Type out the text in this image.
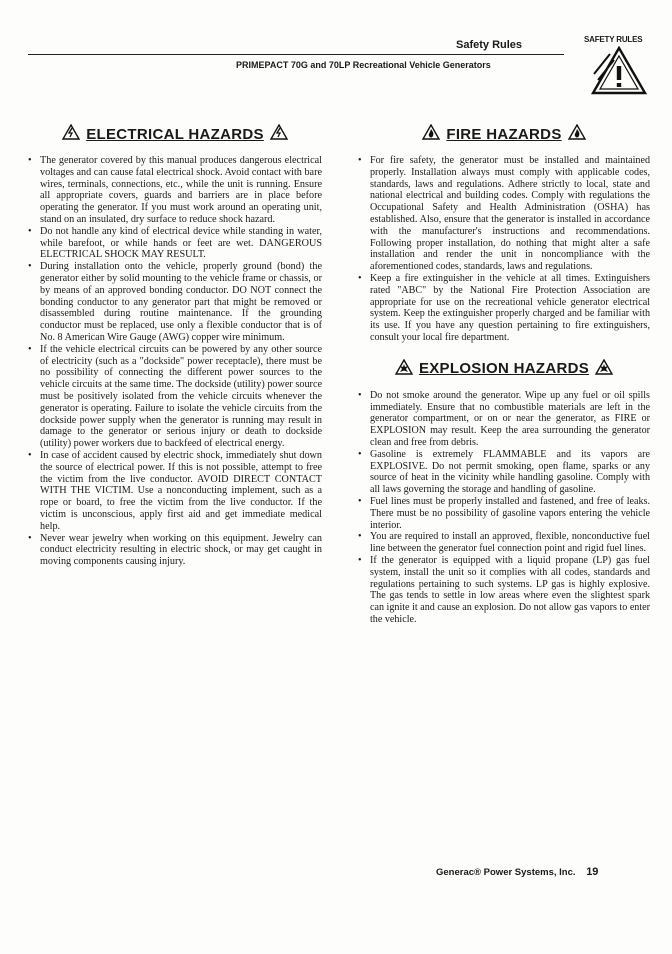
Safety Rules
PRIMEPACT 70G and 70LP Recreational Vehicle Generators
SAFETY RULES
ELECTRICAL HAZARDS
• The generator covered by this manual produces dangerous electrical voltages and can cause fatal electrical shock. Avoid contact with bare wires, terminals, connections, etc., while the unit is running. Ensure all appropriate covers, guards and barriers are in place before operating the generator. If you must work around an operating unit, stand on an insulated, dry surface to reduce shock hazard.
• Do not handle any kind of electrical device while standing in water, while barefoot, or while hands or feet are wet. DANGEROUS ELECTRICAL SHOCK MAY RESULT.
• During installation onto the vehicle, properly ground (bond) the generator either by solid mounting to the vehicle frame or chassis, or by means of an approved bonding conductor. DO NOT connect the bonding conductor to any generator part that might be removed or disassembled during routine maintenance. If the grounding conductor must be replaced, use only a flexible conductor that is of No. 8 American Wire Gauge (AWG) copper wire minimum.
• If the vehicle electrical circuits can be powered by any other source of electricity (such as a "dockside" power receptacle), there must be no possibility of connecting the different power sources to the vehicle circuits at the same time. The dockside (utility) power source must be positively isolated from the vehicle circuits whenever the generator is operating. Failure to isolate the vehicle circuits from the dockside power supply when the generator is running may result in damage to the generator or serious injury or death to dockside (utility) power workers due to backfeed of electrical energy.
• In case of accident caused by electric shock, immediately shut down the source of electrical power. If this is not possible, attempt to free the victim from the live conductor. AVOID DIRECT CONTACT WITH THE VICTIM. Use a nonconducting implement, such as a rope or board, to free the victim from the live conductor. If the victim is unconscious, apply first aid and get immediate medical help.
• Never wear jewelry when working on this equipment. Jewelry can conduct electricity resulting in electric shock, or may get caught in moving components causing injury.
FIRE HAZARDS
• For fire safety, the generator must be installed and maintained properly. Installation always must comply with applicable codes, standards, laws and regulations. Adhere strictly to local, state and national electrical and building codes. Comply with regulations the Occupational Safety and Health Administration (OSHA) has established. Also, ensure that the generator is installed in accordance with the manufacturer's instructions and recommendations. Following proper installation, do nothing that might alter a safe installation and render the unit in noncompliance with the aforementioned codes, standards, laws and regulations.
• Keep a fire extinguisher in the vehicle at all times. Extinguishers rated "ABC" by the National Fire Protection Association are appropriate for use on the recreational vehicle generator electrical system. Keep the extinguisher properly charged and be familiar with its use. If you have any question pertaining to fire extinguishers, consult your local fire department.
EXPLOSION HAZARDS
• Do not smoke around the generator. Wipe up any fuel or oil spills immediately. Ensure that no combustible materials are left in the generator compartment, or on or near the generator, as FIRE or EXPLOSION may result. Keep the area surrounding the generator clean and free from debris.
• Gasoline is extremely FLAMMABLE and its vapors are EXPLOSIVE. Do not permit smoking, open flame, sparks or any source of heat in the vicinity while handling gasoline. Comply with all laws governing the storage and handling of gasoline.
• Fuel lines must be properly installed and fastened, and free of leaks. There must be no possibility of gasoline vapors entering the vehicle interior.
• You are required to install an approved, flexible, nonconductive fuel line between the generator fuel connection point and rigid fuel lines.
• If the generator is equipped with a liquid propane (LP) gas fuel system, install the unit so it complies with all codes, standards and regulations pertaining to such systems. LP gas is highly explosive. The gas tends to settle in low areas where even the slightest spark can ignite it and cause an explosion. Do not allow gas vapors to enter the vehicle.
Generac® Power Systems, Inc. 19
